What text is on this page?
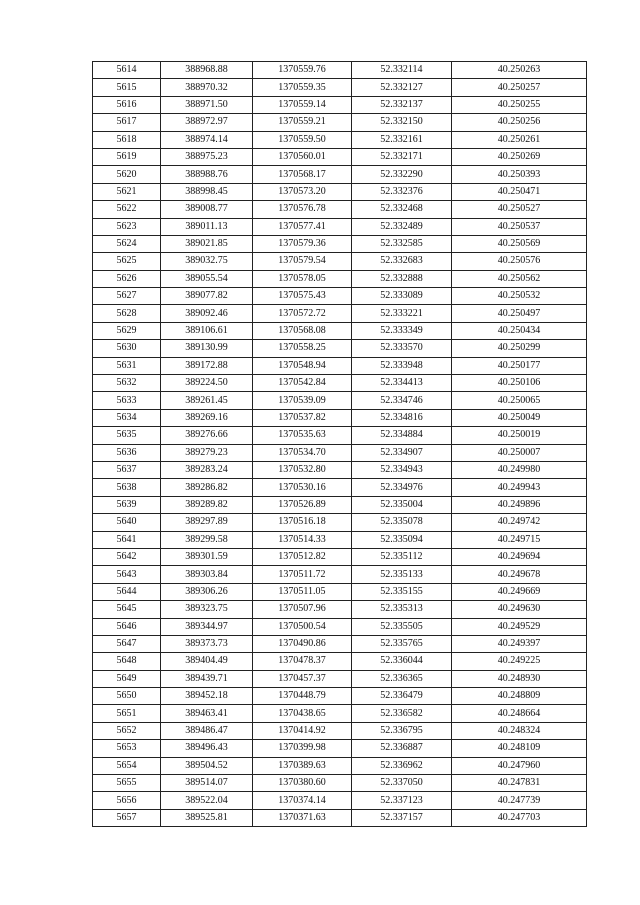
5614	388968.88	1370559.76	52.332114	40.250263
5615	388970.32	1370559.35	52.332127	40.250257
5616	388971.50	1370559.14	52.332137	40.250255
5617	388972.97	1370559.21	52.332150	40.250256
5618	388974.14	1370559.50	52.332161	40.250261
5619	388975.23	1370560.01	52.332171	40.250269
5620	388988.76	1370568.17	52.332290	40.250393
5621	388998.45	1370573.20	52.332376	40.250471
5622	389008.77	1370576.78	52.332468	40.250527
5623	389011.13	1370577.41	52.332489	40.250537
5624	389021.85	1370579.36	52.332585	40.250569
5625	389032.75	1370579.54	52.332683	40.250576
5626	389055.54	1370578.05	52.332888	40.250562
5627	389077.82	1370575.43	52.333089	40.250532
5628	389092.46	1370572.72	52.333221	40.250497
5629	389106.61	1370568.08	52.333349	40.250434
5630	389130.99	1370558.25	52.333570	40.250299
5631	389172.88	1370548.94	52.333948	40.250177
5632	389224.50	1370542.84	52.334413	40.250106
5633	389261.45	1370539.09	52.334746	40.250065
5634	389269.16	1370537.82	52.334816	40.250049
5635	389276.66	1370535.63	52.334884	40.250019
5636	389279.23	1370534.70	52.334907	40.250007
5637	389283.24	1370532.80	52.334943	40.249980
5638	389286.82	1370530.16	52.334976	40.249943
5639	389289.82	1370526.89	52.335004	40.249896
5640	389297.89	1370516.18	52.335078	40.249742
5641	389299.58	1370514.33	52.335094	40.249715
5642	389301.59	1370512.82	52.335112	40.249694
5643	389303.84	1370511.72	52.335133	40.249678
5644	389306.26	1370511.05	52.335155	40.249669
5645	389323.75	1370507.96	52.335313	40.249630
5646	389344.97	1370500.54	52.335505	40.249529
5647	389373.73	1370490.86	52.335765	40.249397
5648	389404.49	1370478.37	52.336044	40.249225
5649	389439.71	1370457.37	52.336365	40.248930
5650	389452.18	1370448.79	52.336479	40.248809
5651	389463.41	1370438.65	52.336582	40.248664
5652	389486.47	1370414.92	52.336795	40.248324
5653	389496.43	1370399.98	52.336887	40.248109
5654	389504.52	1370389.63	52.336962	40.247960
5655	389514.07	1370380.60	52.337050	40.247831
5656	389522.04	1370374.14	52.337123	40.247739
5657	389525.81	1370371.63	52.337157	40.247703
